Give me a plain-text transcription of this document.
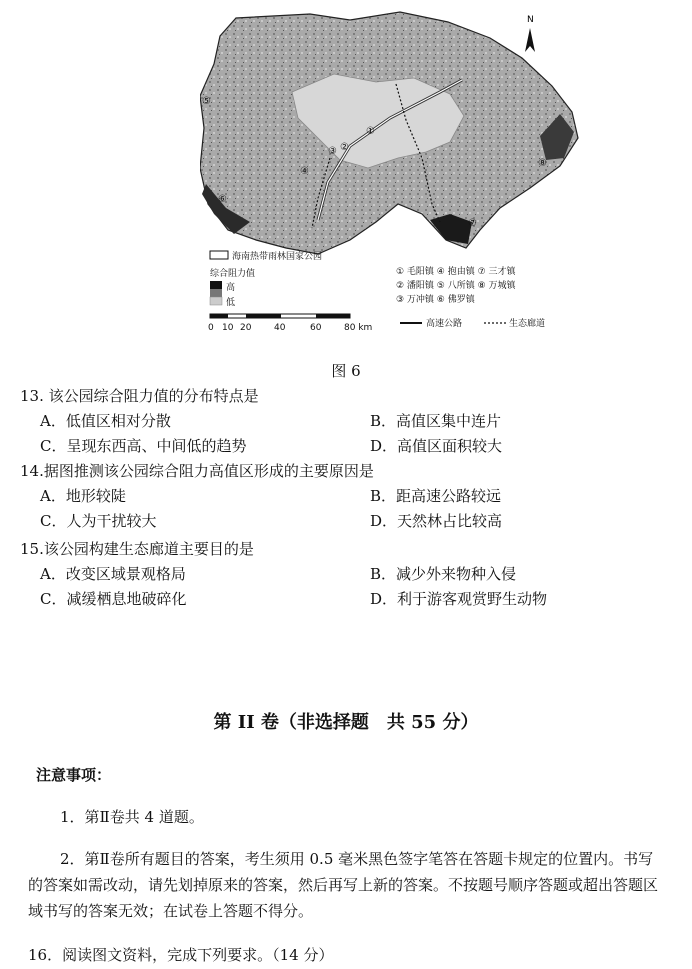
①
②
③
④
⑤
⑥
⑦
⑧
N
海南热带雨林国家公园
综合阻力值
高
低
① 毛阳镇 ④ 抱由镇 ⑦ 三才镇
② 潘阳镇 ⑤ 八所镇 ⑧ 万城镇
③ 万冲镇 ⑥ 佛罗镇
0 10 20	40	60	80 km	高速公路	生态廊道
图 6
13. 该公园综合阻力值的分布特点是
A．低值区相对分散	B．高值区集中连片
C．呈现东西高、中间低的趋势	D．高值区面积较大
14.据图推测该公园综合阻力高值区形成的主要原因是
A．地形较陡	B．距高速公路较远
C．人为干扰较大	D．天然林占比较高
15.该公园构建生态廊道主要目的是
A．改变区域景观格局	B．减少外来物种入侵
C．减缓栖息地破碎化	D．利于游客观赏野生动物
第 II 卷（非选择题　共 55 分）
注意事项：
1．第Ⅱ卷共 4 道题。
2．第Ⅱ卷所有题目的答案，考生须用 0.5 毫米黑色签字笔答在答题卡规定的位置内。书写的答案如需改动，请先划掉原来的答案，然后再写上新的答案。不按题号顺序答题或超出答题区域书写的答案无效；在试卷上答题不得分。
16．阅读图文资料，完成下列要求。（14 分）
